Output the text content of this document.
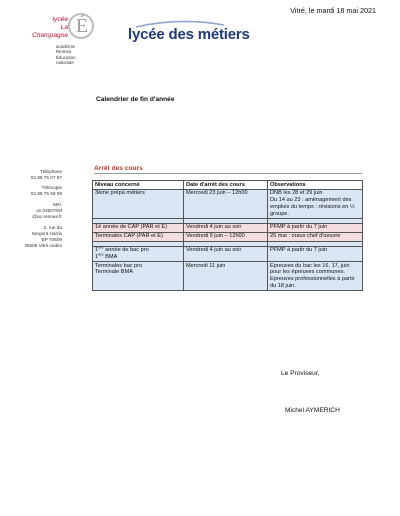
Vitré, le mardi 18 mai 2021
lycée
La Champagne É
académie
Rennes
Éducation
nationale
lycée des métiers
Calendrier de fin d'année
Téléphone
02 99 75 07 97
Télécopie
02 99 75 58 08
Mél.
ce.0350709f
@ac-rennes.fr
2, rue du
Sergent Harris
BP 70609
35506 Vitré cedex
Arrêt des cours
Niveau concerné	Date d'arrêt des cours	Observations
3ème prépa métiers	Mercredi 23 juin – 12h00	DNB les 28 et 29 juin
Du 14 au 23 : aménagement des emplois du temps : révisions en ½ groupe.

1è année de CAP (PAR et E)	Vendredi 4 juin au soir	PFMP à partir du 7 juin
Terminales CAP (PAR et E)	Vendredi 9 juin – 12h00	26 mai : oraux chef d'oeuvre

1ère année de bac pro
1ère BMA	Vendredi 4 juin au soir	PFMP à partir du 7 juin

Terminales bac pro
Terminale BMA	Mercredi 11 juin	Epreuves du bac les 16, 17, juin pour les épreuves communes.
Epreuves professionnelles à partir du 18 juin.
Le Proviseur,
Michel AYMERICH
